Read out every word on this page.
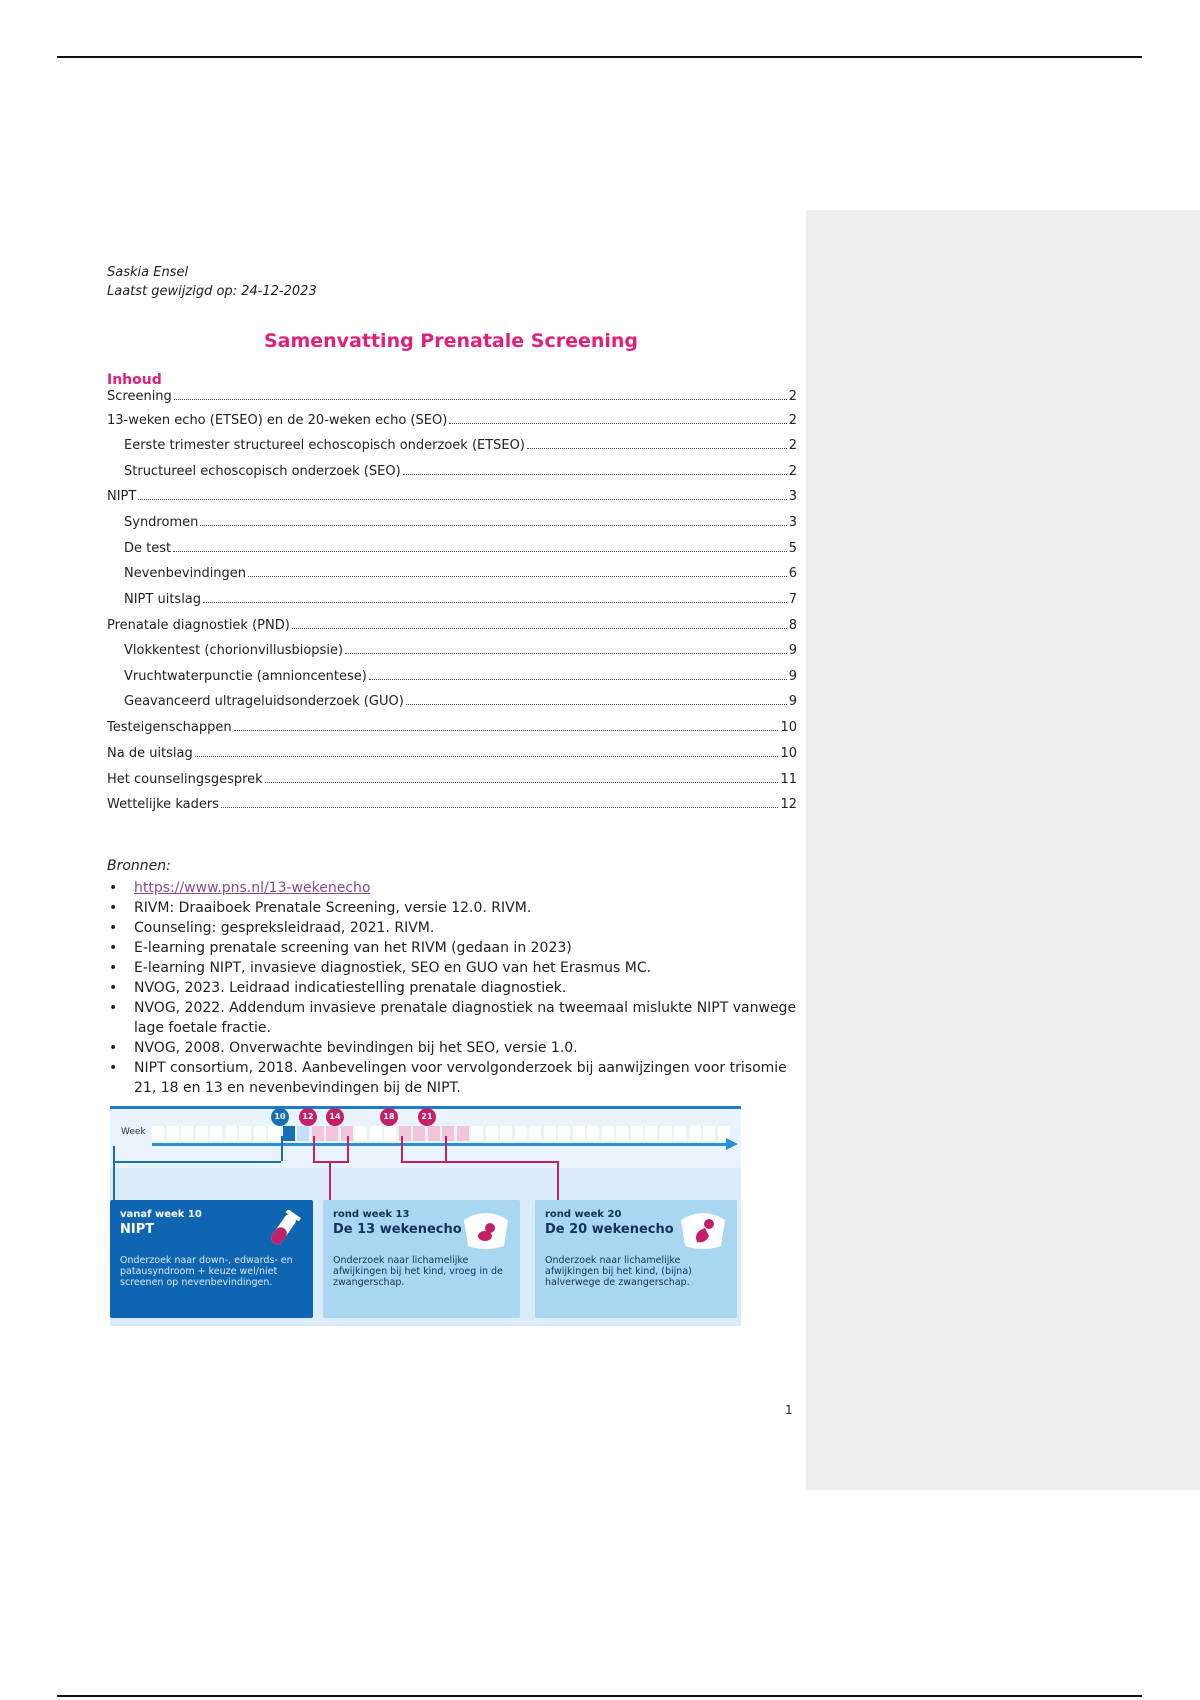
Saskia Ensel
Laatst gewijzigd op: 24-12-2023
Samenvatting Prenatale Screening
Inhoud
Screening	2
13-weken echo (ETSEO) en de 20-weken echo (SEO)	2
Eerste trimester structureel echoscopisch onderzoek (ETSEO)	2
Structureel echoscopisch onderzoek (SEO)	2
NIPT	3
Syndromen	3
De test	5
Nevenbevindingen	6
NIPT uitslag	7
Prenatale diagnostiek (PND)	8
Vlokkentest (chorionvillusbiopsie)	9
Vruchtwaterpunctie (amnioncentese)	9
Geavanceerd ultrageluidsonderzoek (GUO)	9
Testeigenschappen	10
Na de uitslag	10
Het counselingsgesprek	11
Wettelijke kaders	12
Bronnen:
• https://www.pns.nl/13-wekenecho
• RIVM: Draaiboek Prenatale Screening, versie 12.0. RIVM.
• Counseling: gespreksleidraad, 2021. RIVM.
• E-learning prenatale screening van het RIVM (gedaan in 2023)
• E-learning NIPT, invasieve diagnostiek, SEO en GUO van het Erasmus MC.
• NVOG, 2023. Leidraad indicatiestelling prenatale diagnostiek.
• NVOG, 2022. Addendum invasieve prenatale diagnostiek na tweemaal mislukte NIPT vanwege lage foetale fractie.
• NVOG, 2008. Onverwachte bevindingen bij het SEO, versie 1.0.
• NIPT consortium, 2018. Aanbevelingen voor vervolgonderzoek bij aanwijzingen voor trisomie 21, 18 en 13 en nevenbevindingen bij de NIPT.
Week
10	12	14	18	21
vanaf week 10
NIPT
Onderzoek naar down-, edwards- en patausyndroom + keuze wel/niet screenen op nevenbevindingen.
rond week 13
De 13 wekenecho
Onderzoek naar lichamelijke afwijkingen bij het kind, vroeg in de zwangerschap.
rond week 20
De 20 wekenecho
Onderzoek naar lichamelijke afwijkingen bij het kind, (bijna) halverwege de zwangerschap.
1
